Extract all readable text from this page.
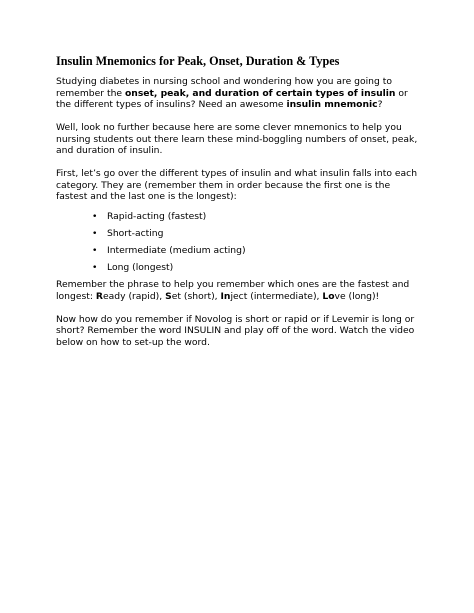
Insulin Mnemonics for Peak, Onset, Duration & Types

Studying diabetes in nursing school and wondering how you are going to remember the onset, peak, and duration of certain types of insulin or the different types of insulins? Need an awesome insulin mnemonic?

Well, look no further because here are some clever mnemonics to help you nursing students out there learn these mind-boggling numbers of onset, peak, and duration of insulin.

First, let’s go over the different types of insulin and what insulin falls into each category. They are (remember them in order because the first one is the fastest and the last one is the longest):

• Rapid-acting (fastest)
• Short-acting
• Intermediate (medium acting)
• Long (longest)

Remember the phrase to help you remember which ones are the fastest and longest: Ready (rapid), Set (short), Inject (intermediate), Love (long)!

Now how do you remember if Novolog is short or rapid or if Levemir is long or short? Remember the word INSULIN and play off of the word. Watch the video below on how to set-up the word.
